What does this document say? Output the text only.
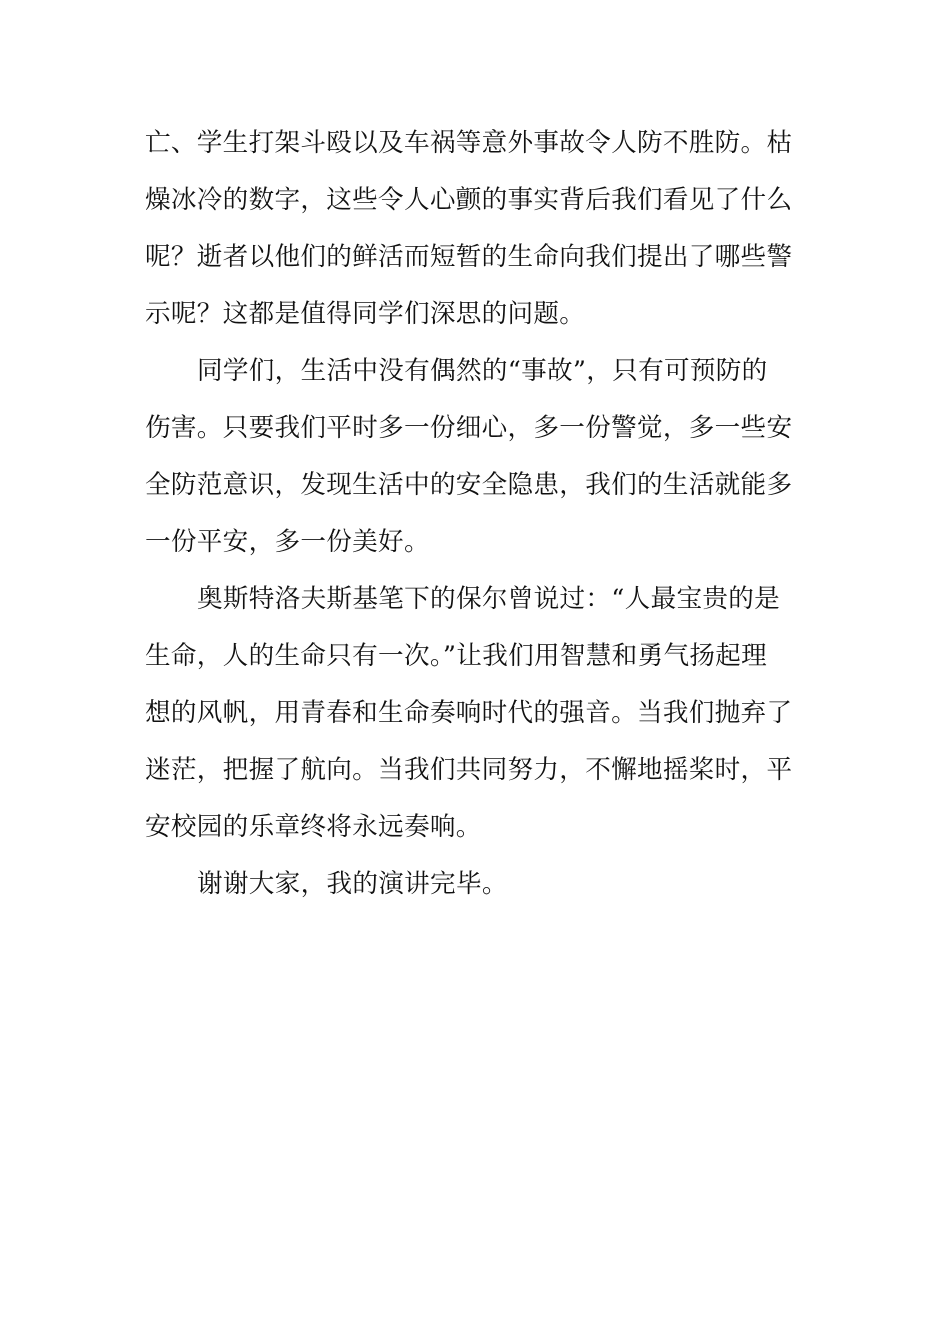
亡、学生打架斗殴以及车祸等意外事故令人防不胜防。枯
燥冰冷的数字，这些令人心颤的事实背后我们看见了什么
呢？逝者以他们的鲜活而短暂的生命向我们提出了哪些警
示呢？这都是值得同学们深思的问题。
同学们，生活中没有偶然的“事故”，只有可预防的
伤害。只要我们平时多一份细心，多一份警觉，多一些安
全防范意识，发现生活中的安全隐患，我们的生活就能多
一份平安，多一份美好。
奥斯特洛夫斯基笔下的保尔曾说过：“人最宝贵的是
生命，人的生命只有一次。”让我们用智慧和勇气扬起理
想的风帆，用青春和生命奏响时代的强音。当我们抛弃了
迷茫，把握了航向。当我们共同努力，不懈地摇桨时，平
安校园的乐章终将永远奏响。
谢谢大家，我的演讲完毕。
